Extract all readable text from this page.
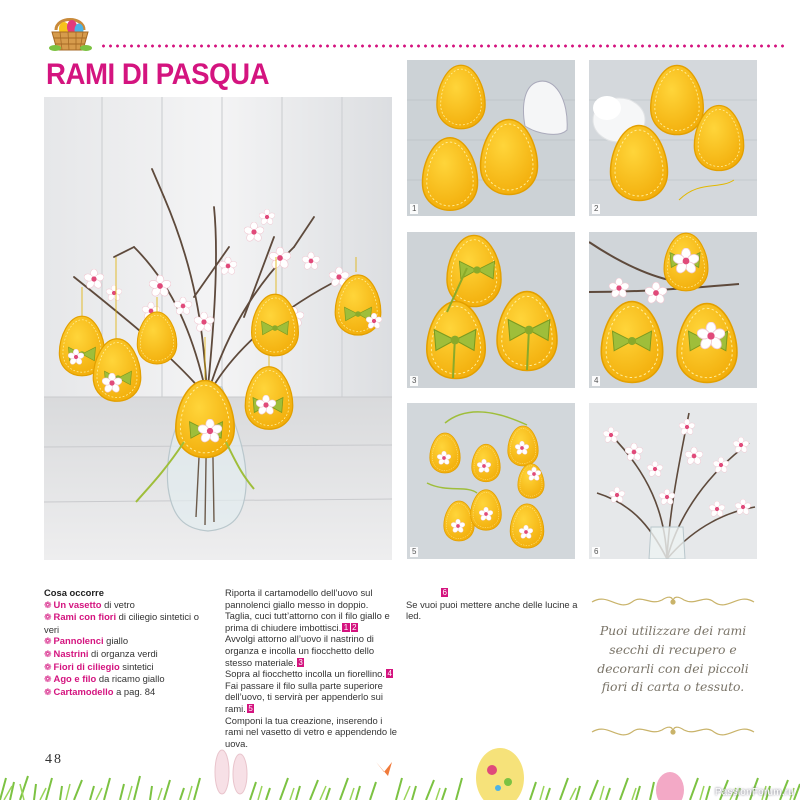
RAMI DI PASQUA
1	2
3	4
5	6
Cosa occorre
❁ Un vasetto di vetro
❁ Rami con fiori di ciliegio sintetici o veri
❁ Pannolenci giallo
❁ Nastrini di organza verdi
❁ Fiori di ciliegio sintetici
❁ Ago e filo da ricamo giallo
❁ Cartamodello a pag. 84
Riporta il cartamodello dell’uovo sul pannolenci giallo messo in doppio. Taglia, cuci tutt’attorno con il filo giallo e prima di chiudere imbottisci. 1 2
Avvolgi attorno all’uovo il nastrino di organza e incolla un fiocchetto dello stesso materiale. 3
Sopra al fiocchetto incolla un fiorellino. 4
Fai passare il filo sulla parte superiore dell’uovo, ti servirà per appenderlo sui rami. 5
Componi la tua creazione, inserendo i rami nel vasetto di vetro e appendendo le uova.
6

Se vuoi puoi mettere anche delle lucine a led.
Puoi utilizzare dei rami secchi di recupero e decorarli con dei piccoli fiori di carta o tessuto.
48
PassionForum.ru
